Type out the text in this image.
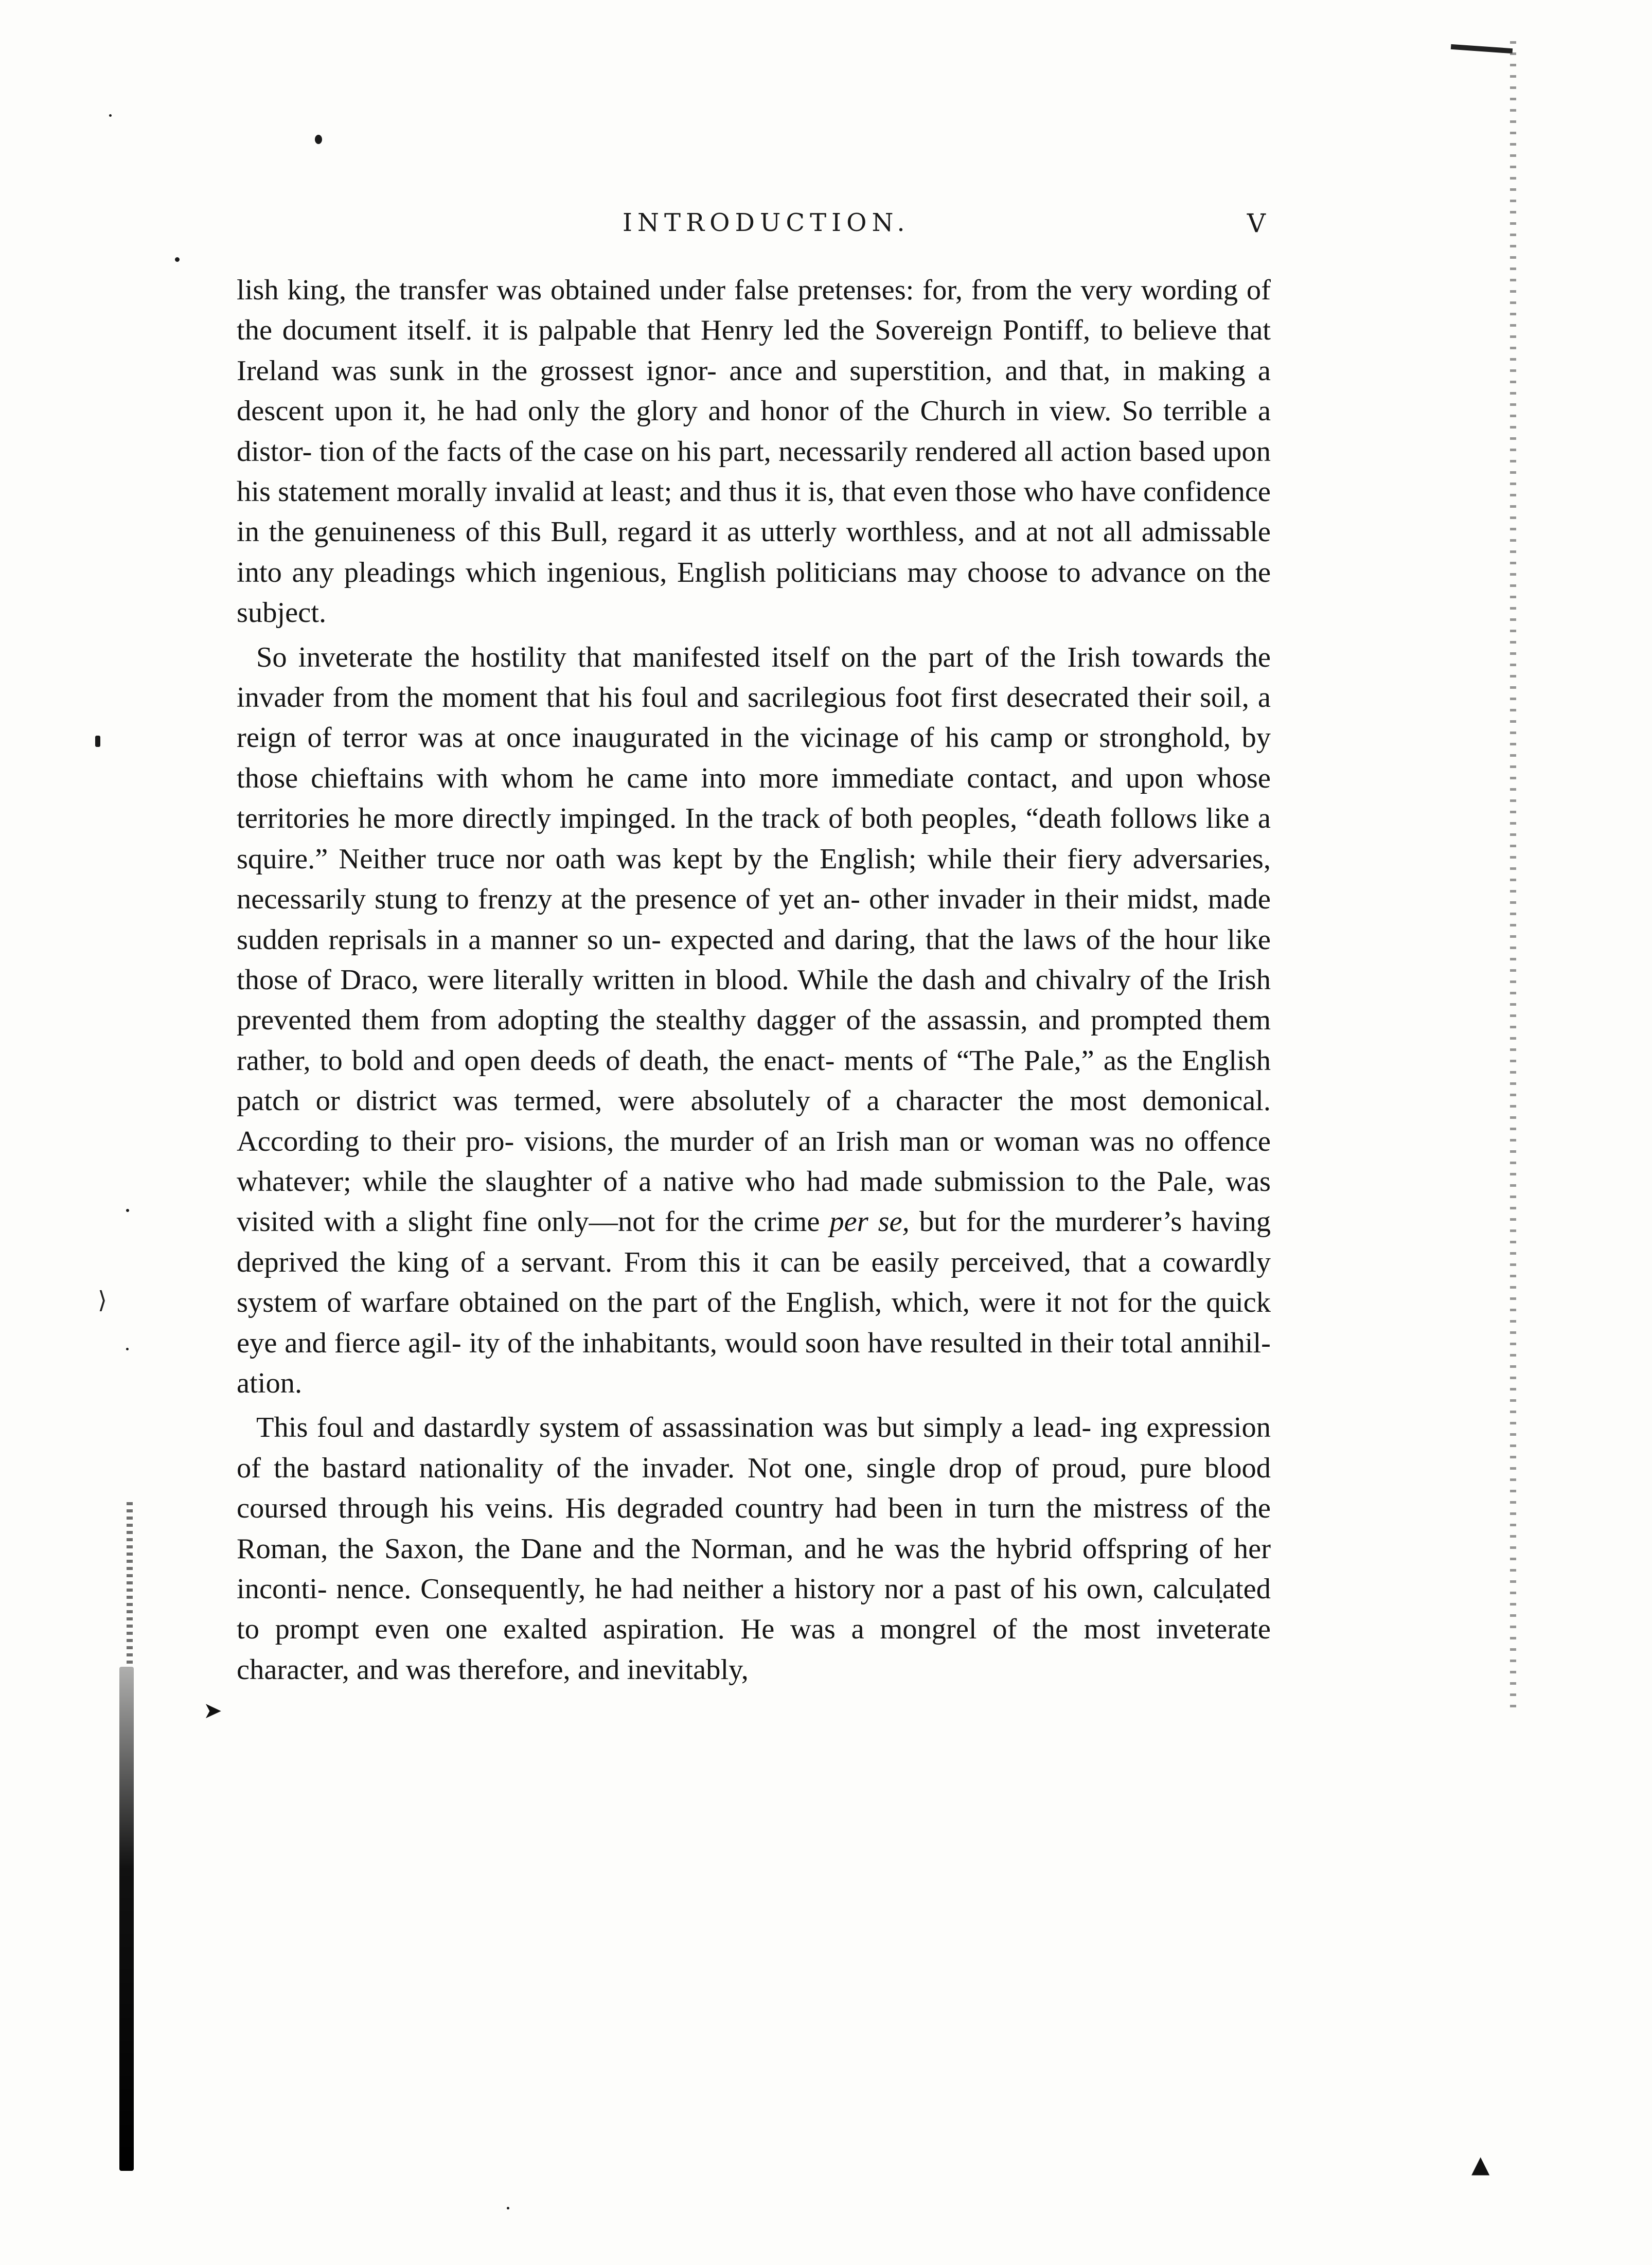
⟩
➤
▲
INTRODUCTION.	V

lish king, the transfer was obtained under false pretenses: for, from the very wording of the document itself. it is palpable that Henry led the Sovereign Pontiff, to believe that Ireland was sunk in the grossest ignor- ance and superstition, and that, in making a descent upon it, he had only the glory and honor of the Church in view. So terrible a distor- tion of the facts of the case on his part, necessarily rendered all action based upon his statement morally invalid at least; and thus it is, that even those who have confidence in the genuineness of this Bull, regard it as utterly worthless, and at not all admissable into any pleadings which ingenious, English politicians may choose to advance on the subject.

So inveterate the hostility that manifested itself on the part of the Irish towards the invader from the moment that his foul and sacrilegious foot first desecrated their soil, a reign of terror was at once inaugurated in the vicinage of his camp or stronghold, by those chieftains with whom he came into more immediate contact, and upon whose territories he more directly impinged. In the track of both peoples, “death follows like a squire.” Neither truce nor oath was kept by the English; while their fiery adversaries, necessarily stung to frenzy at the presence of yet an- other invader in their midst, made sudden reprisals in a manner so un- expected and daring, that the laws of the hour like those of Draco, were literally written in blood. While the dash and chivalry of the Irish prevented them from adopting the stealthy dagger of the assassin, and prompted them rather, to bold and open deeds of death, the enact- ments of “The Pale,” as the English patch or district was termed, were absolutely of a character the most demonical. According to their pro- visions, the murder of an Irish man or woman was no offence whatever; while the slaughter of a native who had made submission to the Pale, was visited with a slight fine only—not for the crime per se, but for the murderer’s having deprived the king of a servant. From this it can be easily perceived, that a cowardly system of warfare obtained on the part of the English, which, were it not for the quick eye and fierce agil- ity of the inhabitants, would soon have resulted in their total annihil- ation.

This foul and dastardly system of assassination was but simply a lead- ing expression of the bastard nationality of the invader. Not one, single drop of proud, pure blood coursed through his veins. His degraded country had been in turn the mistress of the Roman, the Saxon, the Dane and the Norman, and he was the hybrid offspring of her inconti- nence. Consequently, he had neither a history nor a past of his own, calculated to prompt even one exalted aspiration. He was a mongrel of the most inveterate character, and was therefore, and inevitably,
